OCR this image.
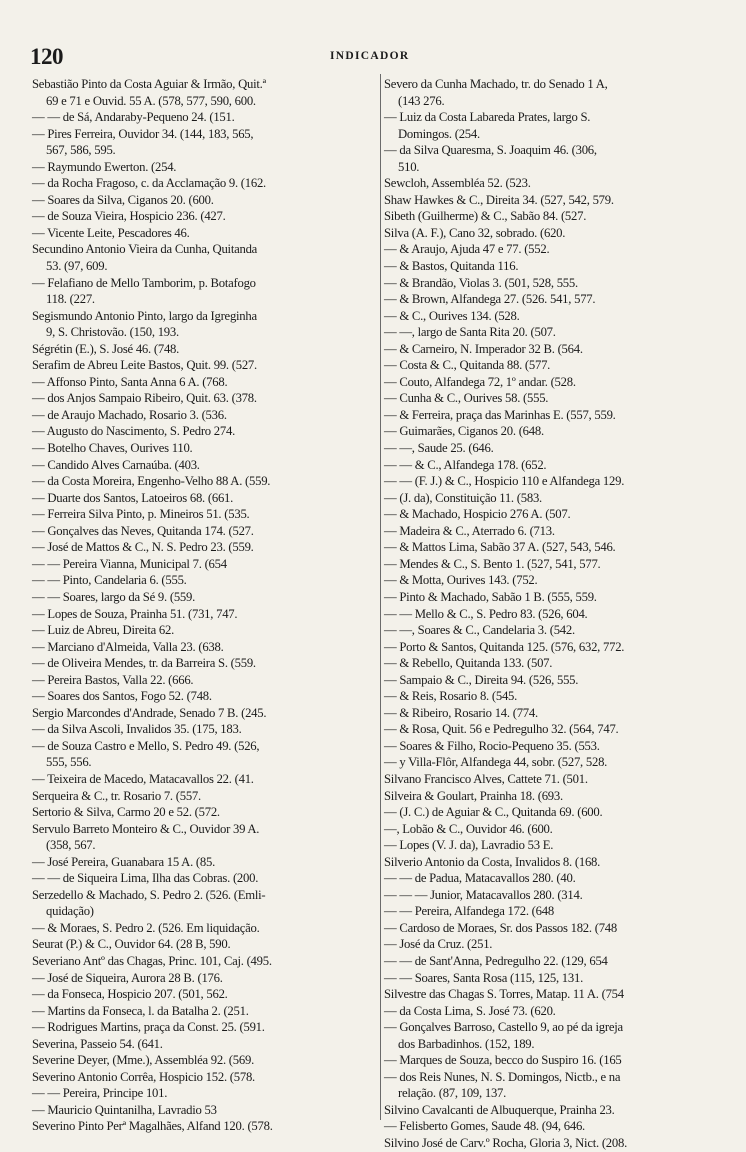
120	INDICADOR
Sebastião Pinto da Costa Aguiar & Irmão, Quit.ª
69 e 71 e Ouvid. 55 A. (578, 577, 590, 600.
— — de Sá, Andaraby-Pequeno 24. (151.
— Pires Ferreira, Ouvidor 34. (144, 183, 565,
567, 586, 595.
— Raymundo Ewerton. (254.
— da Rocha Fragoso, c. da Acclamação 9. (162.
— Soares da Silva, Ciganos 20. (600.
— de Souza Vieira, Hospicio 236. (427.
— Vicente Leite, Pescadores 46.
Secundino Antonio Vieira da Cunha, Quitanda
53. (97, 609.
— Felafiano de Mello Tamborim, p. Botafogo
118. (227.
Segismundo Antonio Pinto, largo da Igreginha
9, S. Christovão. (150, 193.
Ségrétin (E.), S. José 46. (748.
Serafim de Abreu Leite Bastos, Quit. 99. (527.
— Affonso Pinto, Santa Anna 6 A. (768.
— dos Anjos Sampaio Ribeiro, Quit. 63. (378.
— de Araujo Machado, Rosario 3. (536.
— Augusto do Nascimento, S. Pedro 274.
— Botelho Chaves, Ourives 110.
— Candido Alves Carnaúba. (403.
— da Costa Moreira, Engenho-Velho 88 A. (559.
— Duarte dos Santos, Latoeiros 68. (661.
— Ferreira Silva Pinto, p. Mineiros 51. (535.
— Gonçalves das Neves, Quitanda 174. (527.
— José de Mattos & C., N. S. Pedro 23. (559.
— — Pereira Vianna, Municipal 7. (654
— — Pinto, Candelaria 6. (555.
— — Soares, largo da Sé 9. (559.
— Lopes de Souza, Prainha 51. (731, 747.
— Luiz de Abreu, Direita 62.
— Marciano d'Almeida, Valla 23. (638.
— de Oliveira Mendes, tr. da Barreira S. (559.
— Pereira Bastos, Valla 22. (666.
— Soares dos Santos, Fogo 52. (748.
Sergio Marcondes d'Andrade, Senado 7 B. (245.
— da Silva Ascoli, Invalidos 35. (175, 183.
— de Souza Castro e Mello, S. Pedro 49. (526,
555, 556.
— Teixeira de Macedo, Matacavallos 22. (41.
Serqueira & C., tr. Rosario 7. (557.
Sertorio & Silva, Carmo 20 e 52. (572.
Servulo Barreto Monteiro & C., Ouvidor 39 A.
(358, 567.
— José Pereira, Guanabara 15 A. (85.
— — de Siqueira Lima, Ilha das Cobras. (200.
Serzedello & Machado, S. Pedro 2. (526. (Emli-
quidação)
— & Moraes, S. Pedro 2. (526. Em liquidação.
Seurat (P.) & C., Ouvidor 64. (28 B, 590.
Severiano Antº das Chagas, Princ. 101, Caj. (495.
— José de Siqueira, Aurora 28 B. (176.
— da Fonseca, Hospicio 207. (501, 562.
— Martins da Fonseca, l. da Batalha 2. (251.
— Rodrigues Martins, praça da Const. 25. (591.
Severina, Passeio 54. (641.
Severine Deyer, (Mme.), Assembléa 92. (569.
Severino Antonio Corrêa, Hospicio 152. (578.
— — Pereira, Principe 101.
— Mauricio Quintanilha, Lavradio 53
Severino Pinto Perª Magalhães, Alfand 120. (578.
Severo da Cunha Machado, tr. do Senado 1 A,
(143 276.
— Luiz da Costa Labareda Prates, largo S.
Domingos. (254.
— da Silva Quaresma, S. Joaquim 46. (306,
510.
Sewcloh, Assembléa 52. (523.
Shaw Hawkes & C., Direita 34. (527, 542, 579.
Sibeth (Guilherme) & C., Sabão 84. (527.
Silva (A. F.), Cano 32, sobrado. (620.
— & Araujo, Ajuda 47 e 77. (552.
— & Bastos, Quitanda 116.
— & Brandão, Violas 3. (501, 528, 555.
— & Brown, Alfandega 27. (526. 541, 577.
— & C., Ourives 134. (528.
— —, largo de Santa Rita 20. (507.
— & Carneiro, N. Imperador 32 B. (564.
— Costa & C., Quitanda 88. (577.
— Couto, Alfandega 72, 1º andar. (528.
— Cunha & C., Ourives 58. (555.
— & Ferreira, praça das Marinhas E. (557, 559.
— Guimarães, Ciganos 20. (648.
— —, Saude 25. (646.
— — & C., Alfandega 178. (652.
— — (F. J.) & C., Hospicio 110 e Alfandega 129.
— (J. da), Constituição 11. (583.
— & Machado, Hospicio 276 A. (507.
— Madeira & C., Aterrado 6. (713.
— & Mattos Lima, Sabão 37 A. (527, 543, 546.
— Mendes & C., S. Bento 1. (527, 541, 577.
— & Motta, Ourives 143. (752.
— Pinto & Machado, Sabão 1 B. (555, 559.
— — Mello & C., S. Pedro 83. (526, 604.
— —, Soares & C., Candelaria 3. (542.
— Porto & Santos, Quitanda 125. (576, 632, 772.
— & Rebello, Quitanda 133. (507.
— Sampaio & C., Direita 94. (526, 555.
— & Reis, Rosario 8. (545.
— & Ribeiro, Rosario 14. (774.
— & Rosa, Quit. 56 e Pedregulho 32. (564, 747.
— Soares & Filho, Rocio-Pequeno 35. (553.
— y Villa-Flôr, Alfandega 44, sobr. (527, 528.
Silvano Francisco Alves, Cattete 71. (501.
Silveira & Goulart, Prainha 18. (693.
— (J. C.) de Aguiar & C., Quitanda 69. (600.
—, Lobão & C., Ouvidor 46. (600.
— Lopes (V. J. da), Lavradio 53 E.
Silverio Antonio da Costa, Invalidos 8. (168.
— — de Padua, Matacavallos 280. (40.
— — — Junior, Matacavallos 280. (314.
— — Pereira, Alfandega 172. (648
— Cardoso de Moraes, Sr. dos Passos 182. (748
— José da Cruz. (251.
— — de Sant'Anna, Pedregulho 22. (129, 654
— — Soares, Santa Rosa (115, 125, 131.
Silvestre das Chagas S. Torres, Matap. 11 A. (754
— da Costa Lima, S. José 73. (620.
— Gonçalves Barroso, Castello 9, ao pé da igreja
dos Barbadinhos. (152, 189.
— Marques de Souza, becco do Suspiro 16. (165
— dos Reis Nunes, N. S. Domingos, Nictb., e na
relação. (87, 109, 137.
Silvino Cavalcanti de Albuquerque, Prainha 23.
— Felisberto Gomes, Saude 48. (94, 646.
Silvino José de Carv.º Rocha, Gloria 3, Nict. (208.
